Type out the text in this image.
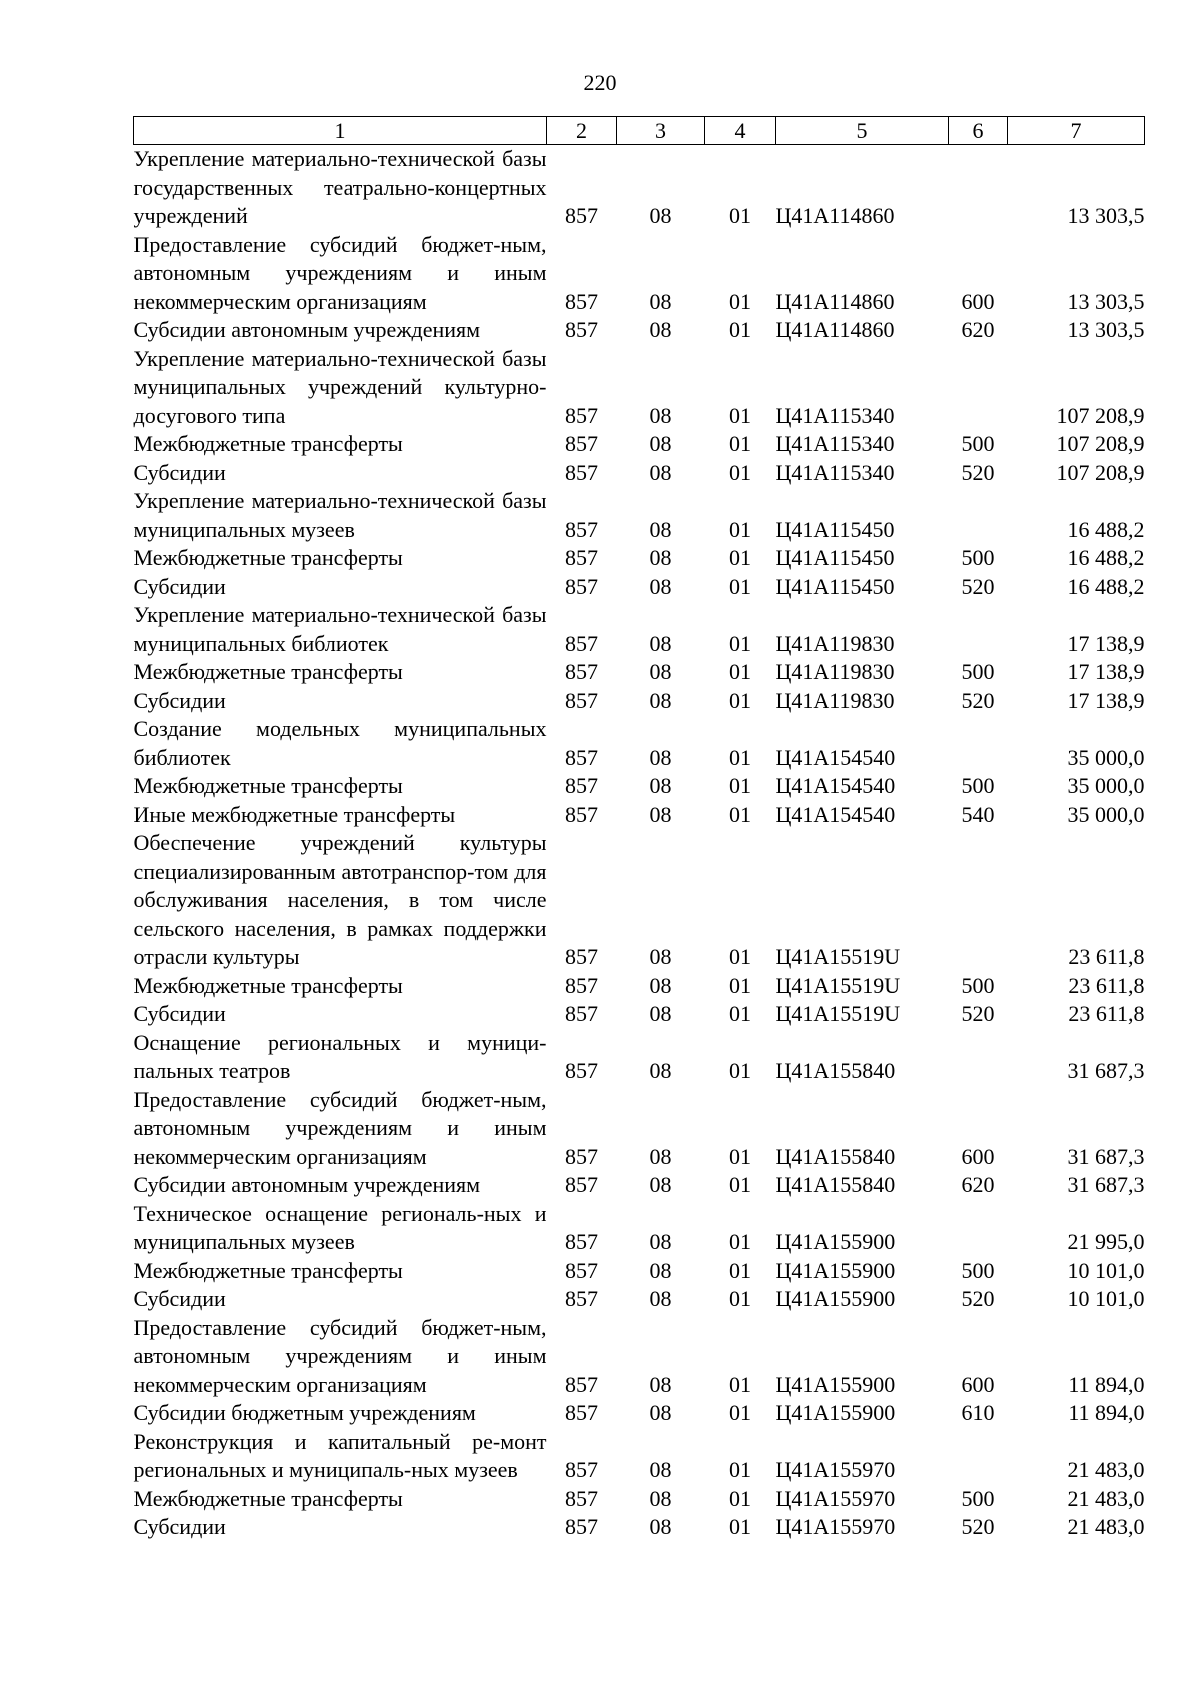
220
1	2	3	4	5	6	7
Укрепление материально-технической базы государственных театрально-концертных учреждений	857	08	01	Ц41А114860		13 303,5
Предоставление субсидий бюджет-ным, автономным учреждениям и иным некоммерческим организациям	857	08	01	Ц41А114860	600	13 303,5
Субсидии автономным учреждениям	857	08	01	Ц41А114860	620	13 303,5
Укрепление материально-технической базы муниципальных учреждений культурно-досугового типа	857	08	01	Ц41А115340		107 208,9
Межбюджетные трансферты	857	08	01	Ц41А115340	500	107 208,9
Субсидии	857	08	01	Ц41А115340	520	107 208,9
Укрепление материально-технической базы муниципальных музеев	857	08	01	Ц41А115450		16 488,2
Межбюджетные трансферты	857	08	01	Ц41А115450	500	16 488,2
Субсидии	857	08	01	Ц41А115450	520	16 488,2
Укрепление материально-технической базы муниципальных библиотек	857	08	01	Ц41А119830		17 138,9
Межбюджетные трансферты	857	08	01	Ц41А119830	500	17 138,9
Субсидии	857	08	01	Ц41А119830	520	17 138,9
Создание модельных муниципальных библиотек	857	08	01	Ц41А154540		35 000,0
Межбюджетные трансферты	857	08	01	Ц41А154540	500	35 000,0
Иные межбюджетные трансферты	857	08	01	Ц41А154540	540	35 000,0
Обеспечение учреждений культуры специализированным автотранспор-том для обслуживания населения, в том числе сельского населения, в рамках поддержки отрасли культуры	857	08	01	Ц41А15519U		23 611,8
Межбюджетные трансферты	857	08	01	Ц41А15519U	500	23 611,8
Субсидии	857	08	01	Ц41А15519U	520	23 611,8
Оснащение региональных и муници-пальных театров	857	08	01	Ц41А155840		31 687,3
Предоставление субсидий бюджет-ным, автономным учреждениям и иным некоммерческим организациям	857	08	01	Ц41А155840	600	31 687,3
Субсидии автономным учреждениям	857	08	01	Ц41А155840	620	31 687,3
Техническое оснащение региональ-ных и муниципальных музеев	857	08	01	Ц41А155900		21 995,0
Межбюджетные трансферты	857	08	01	Ц41А155900	500	10 101,0
Субсидии	857	08	01	Ц41А155900	520	10 101,0
Предоставление субсидий бюджет-ным, автономным учреждениям и иным некоммерческим организациям	857	08	01	Ц41А155900	600	11 894,0
Субсидии бюджетным учреждениям	857	08	01	Ц41А155900	610	11 894,0
Реконструкция и капитальный ре-монт региональных и муниципаль-ных музеев	857	08	01	Ц41А155970		21 483,0
Межбюджетные трансферты	857	08	01	Ц41А155970	500	21 483,0
Субсидии	857	08	01	Ц41А155970	520	21 483,0
